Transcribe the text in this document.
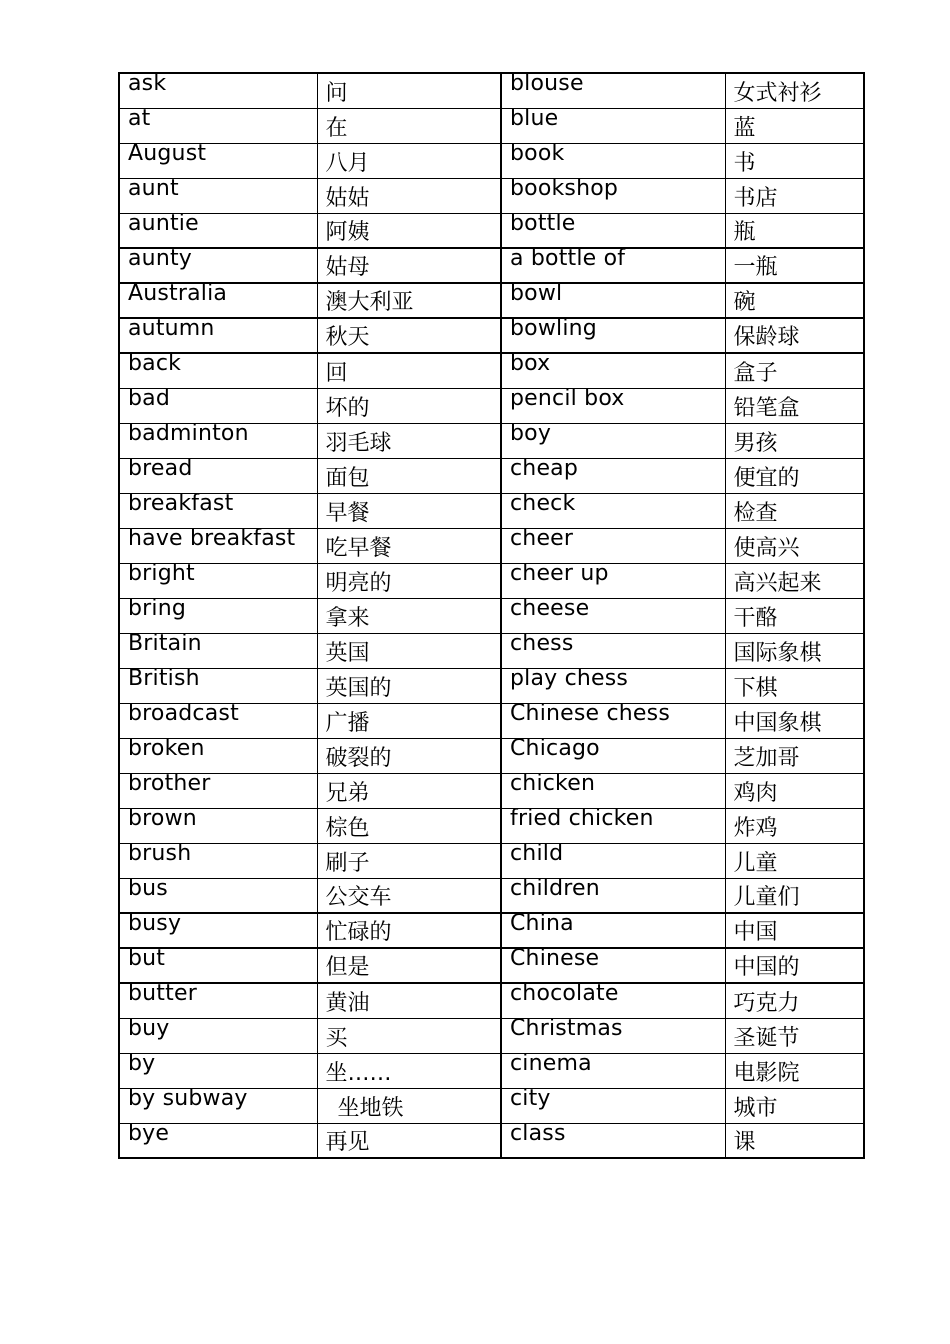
ask	问	blouse	女式衬衫
at	在	blue	蓝
August	八月	book	书
aunt	姑姑	bookshop	书店
auntie	阿姨	bottle	瓶
aunty	姑母	a bottle of	一瓶
Australia	澳大利亚	bowl	碗
autumn	秋天	bowling	保龄球
back	回	box	盒子
bad	坏的	pencil box	铅笔盒
badminton	羽毛球	boy	男孩
bread	面包	cheap	便宜的
breakfast	早餐	check	检查
have breakfast	吃早餐	cheer	使高兴
bright	明亮的	cheer up	高兴起来
bring	拿来	cheese	干酪
Britain	英国	chess	国际象棋
British	英国的	play chess	下棋
broadcast	广播	Chinese chess	中国象棋
broken	破裂的	Chicago	芝加哥
brother	兄弟	chicken	鸡肉
brown	棕色	fried chicken	炸鸡
brush	刷子	child	儿童
bus	公交车	children	儿童们
busy	忙碌的	China	中国
but	但是	Chinese	中国的
butter	黄油	chocolate	巧克力
buy	买	Christmas	圣诞节
by	坐……	cinema	电影院
by subway	坐地铁	city	城市
bye	再见	class	课
